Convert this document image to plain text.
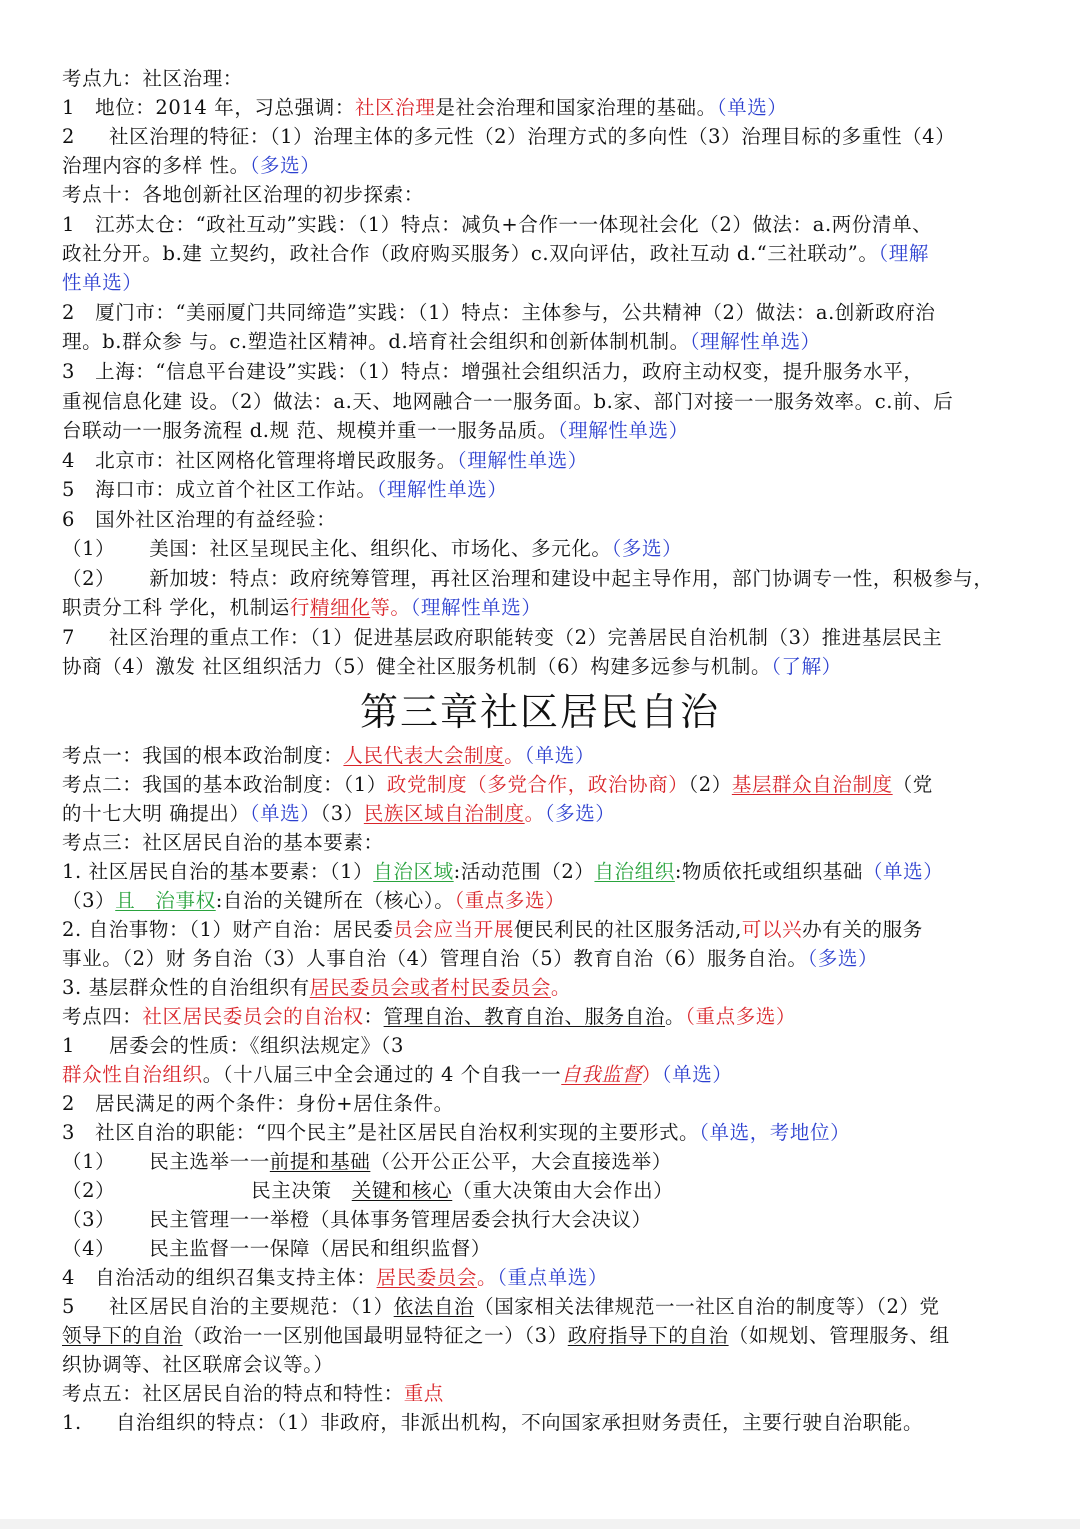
考点九：社区治理：
1　地位：2014 年，习总强调：社区治理是社会治理和国家治理的基础。（单选）
2 社区治理的特征：（1）治理主体的多元性（2）治理方式的多向性（3）治理目标的多重性（4）
治理内容的多样 性。（多选）
考点十：各地创新社区治理的初步探索：
1　江苏太仓：“政社互动”实践：（1）特点：减负+合作一一体现社会化（2）做法：a.两份清单、
政社分开。b.建 立契约，政社合作（政府购买服务）c.双向评估，政社互动 d.“三社联动”。（理解
性单选）
2　厦门市：“美丽厦门共同缔造”实践：（1）特点：主体参与，公共精神（2）做法：a.创新政府治
理。b.群众参 与。c.塑造社区精神。d.培育社会组织和创新体制机制。（理解性单选）
3　上海：“信息平台建设”实践：（1）特点：增强社会组织活力，政府主动权变，提升服务水平，
重视信息化建 设。（2）做法：a.天、地网融合一一服务面。b.家、部门对接一一服务效率。c.前、后
台联动一一服务流程 d.规 范、规模并重一一服务品质。（理解性单选）
4　北京市：社区网格化管理将增民政服务。（理解性单选）
5　海口市：成立首个社区工作站。（理解性单选）
6　国外社区治理的有益经验：
（1） 美国：社区呈现民主化、组织化、市场化、多元化。（多选）
（2） 新加坡：特点：政府统筹管理，再社区治理和建设中起主导作用，部门协调专一性，积极参与，
职责分工科 学化，机制运行精细化等。（理解性单选）
7 社区治理的重点工作：（1）促进基层政府职能转变（2）完善居民自治机制（3）推进基层民主
协商（4）激发 社区组织活力（5）健全社区服务机制（6）构建多远参与机制。（了解）
第三章社区居民自治
考点一：我国的根本政治制度：人民代表大会制度。（单选）
考点二：我国的基本政治制度：（1）政党制度（多党合作，政治协商）（2）基层群众自治制度（党
的十七大明 确提出）（单选）（3）民族区域自治制度。（多选）
考点三：社区居民自治的基本要素：
1. 社区居民自治的基本要素：（1）自治区域:活动范围（2）自治组织:物质依托或组织基础（单选）
（3）且　治事权:自治的关键所在（核心）。（重点多选）
2. 自治事物：（1）财产自治：居民委员会应当开展便民利民的社区服务活动,可以兴办有关的服务
事业。（2）财 务自治（3）人事自治（4）管理自治（5）教育自治（6）服务自治。（多选）
3. 基层群众性的自治组织有居民委员会或者村民委员会。
考点四：社区居民委员会的自治权：管理自治、教育自治、服务自治。（重点多选）
1 居委会的性质：《组织法规定》（3
群众性自治组织。（十八届三中全会通过的 4 个自我一一自我监督）（单选）
2　居民满足的两个条件：身份+居住条件。
3　社区自治的职能：“四个民主”是社区居民自治权利实现的主要形式。（单选，考地位）
（1） 民主选举一一前提和基础（公开公正公平，大会直接选举）
（2）	民主决策　关键和核心（重大决策由大会作出）
（3） 民主管理一一举橙（具体事务管理居委会执行大会决议）
（4） 民主监督一一保障（居民和组织监督）
4　自治活动的组织召集支持主体：居民委员会。（重点单选）
5 社区居民自治的主要规范：（1）依法自治（国家相关法律规范一一社区自治的制度等）（2）党
领导下的自治（政治一一区别他国最明显特征之一）（3）政府指导下的自治（如规划、管理服务、组
织协调等、社区联席会议等。）
考点五：社区居民自治的特点和特性：重点
1. 自治组织的特点：（1）非政府，非派出机构，不向国家承担财务责任，主要行驶自治职能。
